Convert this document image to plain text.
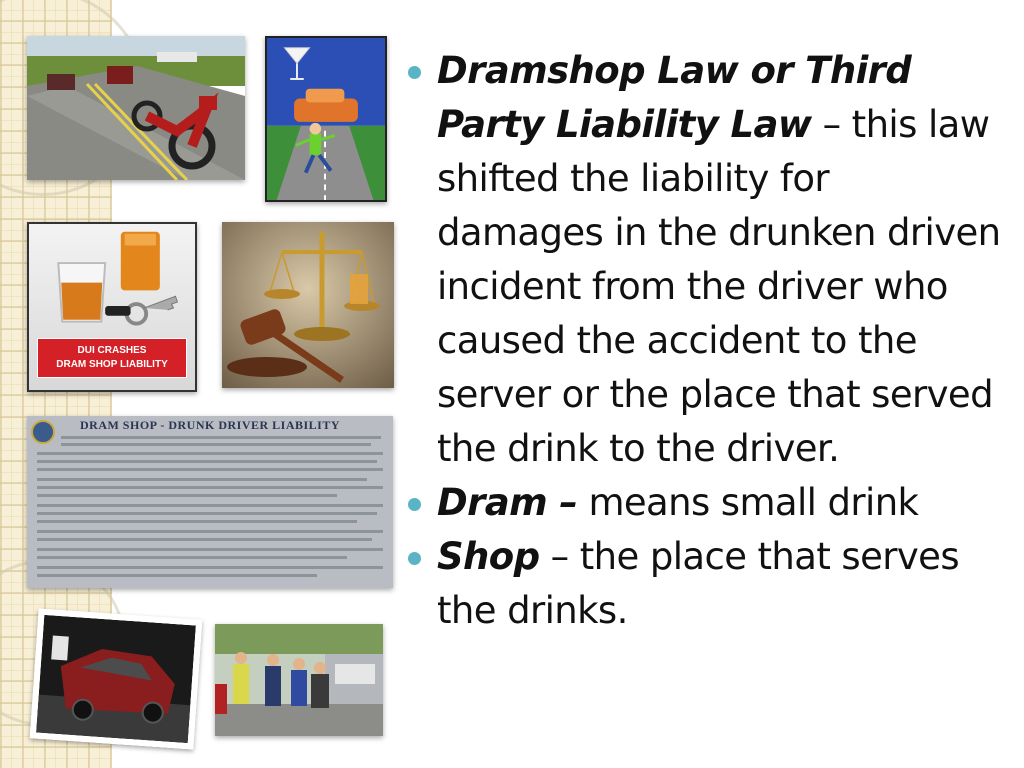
DUI CRASHES
DRAM SHOP LIABILITY
DRAM SHOP - DRUNK DRIVER LIABILITY
Dramshop Law or Third Party Liability Law – this law shifted the liability for damages in the drunken driven incident from the driver who caused the accident to the server or the place that served the drink to the driver.
Dram – means small drink
Shop – the place that serves the drinks.
